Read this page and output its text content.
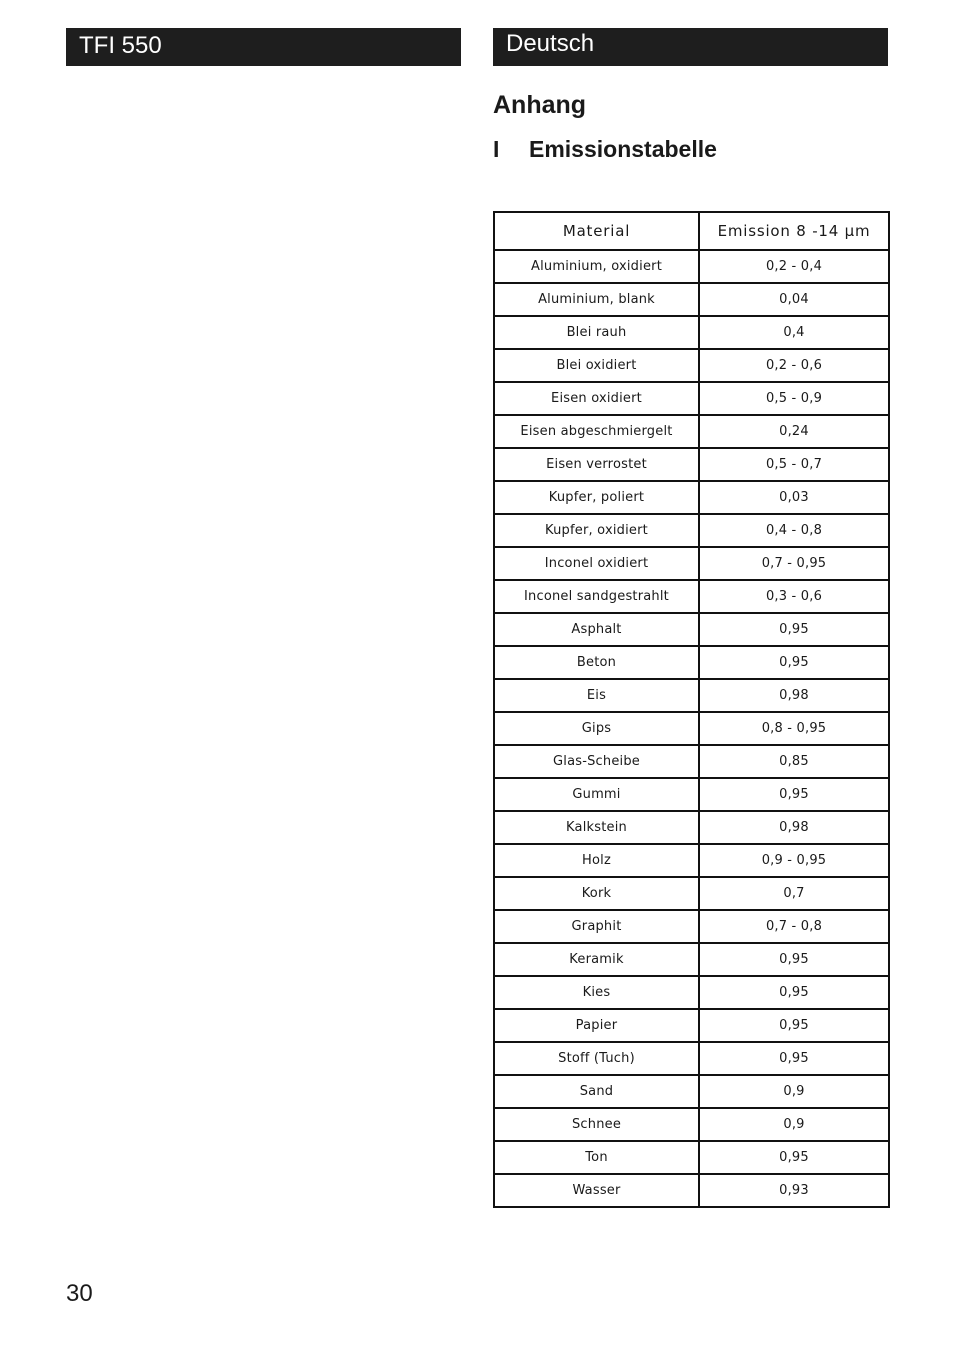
TFI 550	Deutsch
Anhang
I Emissionstabelle
Material	Emission 8 -14 µm
Aluminium, oxidiert	0,2 - 0,4
Aluminium, blank	0,04
Blei rauh	0,4
Blei oxidiert	0,2 - 0,6
Eisen oxidiert	0,5 - 0,9
Eisen abgeschmiergelt	0,24
Eisen verrostet	0,5 - 0,7
Kupfer, poliert	0,03
Kupfer, oxidiert	0,4 - 0,8
Inconel oxidiert	0,7 - 0,95
Inconel sandgestrahlt	0,3 - 0,6
Asphalt	0,95
Beton	0,95
Eis	0,98
Gips	0,8 - 0,95
Glas-Scheibe	0,85
Gummi	0,95
Kalkstein	0,98
Holz	0,9 - 0,95
Kork	0,7
Graphit	0,7 - 0,8
Keramik	0,95
Kies	0,95
Papier	0,95
Stoff (Tuch)	0,95
Sand	0,9
Schnee	0,9
Ton	0,95
Wasser	0,93
30
